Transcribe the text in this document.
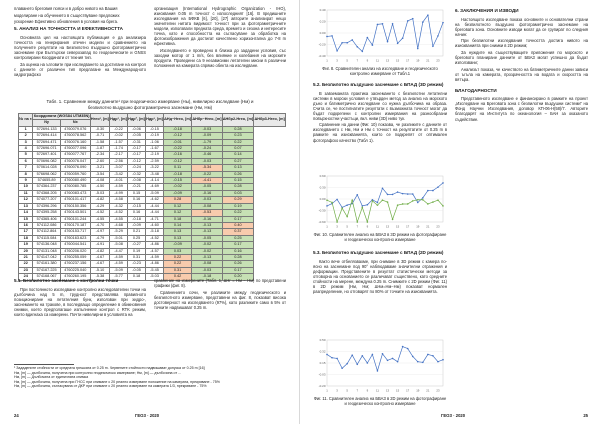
плаването бреговия пояси и в добро нивото на Вашия

моделиране на обучението в съществуване предложих

ускорение Ефективно обновления в условия на брега.

5. АНАЛИЗ НА ТОЧНОСТТА И ЕФЕКТИВНОСТТА

Основната цел на настоящата публикация е да анализира точността на генерирания отечен модели и сравнението на получените резултати на Безпилотно въздушно фотограметрично заснемане при Бългърски северозапад по геодезическите и GNSS контролирани Координати от техния тип.

За оценка на ъгловите при изследването за достигане на контрол с данните от различен тип предлагане на Международното хидрографско

организация (International Hydrographic Organization - IHO), изисквания 0.05 m точност с изпоследният [16]. В предишните изследвания на БФКВ [6], [20], [27] авторите анализират нещо значителни нитата видимост точност при за фотограметричните модели, използвали предната среда, времето и сезона и интересите точна, като и способността на съгласуване за обработка на фотоизображения да достигат качествено хоризонтална до 7-8 m ефективна.

Изследването е проведено в близка до зададени условия, със заходни мотор от 1 m/s, без влияние и колебания на морските продукти. Проведени са 9 независими летателни мисии в различни положения на камерата спрямо обекта на изследване.

Табл. 1. Сравнение между данните¹ при геодезическо измерване (Ны), нивелирно изследване (Нм) и
безпилотно въздушно фотограметрично заснемане (Нм, Нм)
№ на т.	Координати (WGS84 UTM35N)		Hгео¹, [m]	Hдр¹, [m]	Hдр², [m]	Hдр³, [m]	ΔHд−Hгео, [m]	ΔHбр−Hгео, [m]	ΔHбр2-Hгео, [m]	ΔHбр3-Hгео, [m]
	Ny	Nx								
1	572694.133	4760079.076	-0.30	-0.22	-0.06	-0.15	-0.18	-0.03	0.28	
2	572694.414	4760078.562	-0.71	-0.02	-0.05	-0.19	-0.12	-0.09	0.23	
3	572694.471	4760076.160	-1.58	-1.57	-0.31	-1.06	-0.01	-1.79	0.22	
4	572696.071	4760077.096	-1.87	-1.74	-0.17	-1.67	-0.22	-0.24	0.07	
5	572697.401	4760077.767	-2.34	-2.17	-0.17	-2.19	-0.16	-0.46	0.14	
6	570696.082	4760076.047	-2.60	-2.56	-0.12	-2.59	-0.12	-0.03	0.27	
7	570614.028	4760076.090	-3.21	-3.07	-0.24	-3.22	0.11	-5.34	0.13	
8	576698.062	4760059.760	-3.54	-3.42	-0.32	-3.48	-0.18	-0.22	0.26	
9	574655.89	4760080.490	-4.08	-4.01	-0.08	-4.14	-0.15	-4.41	0.15	
10	574364.237	4760080.785	-4.50	-4.59	-0.21	-4.69	-0.02	-0.05	0.28	
11	574368.205	4760083.473	-5.03	-4.99	0.15	-5.09	-0.09	-0.16	0.03	
12	574077.207	4760101.417	-4.82	-4.58	0.16	-4.62	0.28	-0.03	0.29	
13	574396.296	4760150.356	-4.29	-4.32	-0.15	-4.44	0.12	-0.08	0.19	
14	574395.258	4760143.501	-4.52	-4.52	0.16	-4.44	0.12	-0.53	0.22	
15	574365.406	4760101.244	-4.55	-4.55	-0.18	-4.71	0.18	-0.16	0.17	
16	574112.086	4760170.187	-4.70	-4.68	-0.09	-4.60	0.14	-0.13	0.40	
17	574112.864	4760153.717	-4.97	-5.29	0.21	-5.18	0.13	-0.13	0.37	
18	574115.084	4760163.623	-4.79	-5.01	0.25	-4.52	0.13	-0.05	0.25	
19	574136.048	4760044.541	-4.91	-5.08	-0.27	-4.86	-0.09	-0.02	0.17	
20	574131.048	4760206.020	-4.82	-4.47	0.19	-4.57	0.03	-0.02	0.16	
21	574147.042	4760255.059	-4.67	-4.59	0.31	-4.59	0.22	-0.13	0.28	
22	574161.380	4760237.156	-4.67	-4.59	-0.23	-4.86	0.22	-0.08	0.26	
23	574167.225	4760225.040	-5.10	-5.09	-0.05	-5.45	0.31	-0.03	0.17	
24	574168.067	4760260.195	-5.38	-5.77	0.18	-5.03	0.42	-0.18	0.20	
5.1. Безпилотно заснемане с контролни точки

При постоянното изследване контролно изследователни точки на дълбочина над 5 m, трудност представлява правилното позициониране на летателния бунк, използван при хидро-, заснемането на тракове, в последващо определение в обикновения снимки, което предполагаше изпълнение контрол с RTK режим, които вдигнаха са измерени. Почти нивелирни в условията на

сравнение на измерените (Табл. 1, ΔНг = Нм − Нм) по представени графики (фиг. 8).

Сравнението сочи, че разликите между геодезическото и безпилотното измерване, представени на фиг. 8, показват висока достоверност на изследването (97%), като разликите само в 5% от точките надвишават 0.25 m.

¹ Зададените стойности от средната грешката от 0.25 m. Червените стойности надвишават допуска от 0.25 m [16]
Нм, [m] — дълбочина, получена при контролно геодезическо измерване; Нм, [m] — дълбочина от ...
Нм, [m] — Дълбочина от единичната снимка
Нм, [m] — дълбочина, получена при ГНСС при снимане с 20 реално измерване положение на камерата, прекриване - 75%
Нм, [m] — дълбочина, съгласувана от ДКР при снимане с 20 реално измерване на камерата 1/3, прекриване - 75%
24	ГЕОЗ · 2020
-0.40
-0.20
0.00
0.20
0.40
1	3	5	7	9	11	13 15 17 19 21 23
Фиг. 8. Сравнителен анализ на изследване и геодезическото контролно измерване от Табл.1
5.2. Безпилотно въздушно заснемане с БПАД (3D режим)

В завземаната практика заснемането с безпилотни летателни системи в морски условия е утвърден метод за анализ на морското дъно и батиметрично изследване со нужна дълбочина на образа. Счита се, че постигнатите резултати с възможната точност могат да бъдат подкрепени с контролни измервания на разнообразни повърхностни участъци, вкл. ниви (3D) ниво тук.

Сравнение на данни (Фиг. 10) показва, че разликите с данните от изследването с Нм, Нм и Нм с точност на резултатите от 0.25 m в рамките на изискванията, които се подкрепят от оптимален фотографско качество (Табл 1).

-0.60
-0.30
0.00
0.30
0.60
1	3	5	7	9	11	13 15 17 19 21 23
Фиг. 10. Сравнителен анализ на БВАЗ в 3D режим на фотографиране и геодезическо контролно измерване
5.3. Безпилотно въздушно заснемане с БПАД (2D режим)

Както вече отбелязвахме, при снимане в 3D режим с камера по-ясно на заснемане под 90° наблюдаваме значителни отражения и деформации. Представените в резултат статистически методи за отговорна на основанието се различават съществено, като средните стойности на мерене, междуна 0.25 m. Снимките с 2D режим (Фиг. 11) в 2D режим (Нм, Нм; ΔНм=Нм−Нм) показват нормален разпределение, но отговарят по 80% от точките на изискванията.

-0.20
-0.03
0.15
0.32
0.50
1	3	5	7	9	11	13 15 17 19 21 23
Фиг. 11. Сравнителен анализ на БВАЗ в 2D режим на фотографиране и геодезическо контролно измерване
6. ЗАКЛЮЧЕНИЯ И ИЗВОДИ

Настоящото изследване показа основните и основателни страни на безпилотното въздушно фотограметрично заснемане на бреговата зона. Основните изводи могат да се групират по следния начин:

При безпилотни изследвания точността достига нивото на изискванията при снимки в 2D режим;

За нуждите на съществуващите приложения по морското и бреговото планиране данните от БВАЗ могат успешно да бъдат използвани;

Анализът показа, че качеството на батиметричните данни зависи от ъгъла на камерата, прозрачността на водата и скоростта на вятъра.

БЛАГОДАРНОСТИ

Представеното изследване е финансирано в рамките на проект „Изследване на Бреговата зона с безпилотни въздушни системи“ на Фонд Научни Изследвания, договор КП-06-Н(58)/7. Авторите благодарят на Института по океанология – БАН за оказаното съдействие.

ГЕОЗ · 2020	25
